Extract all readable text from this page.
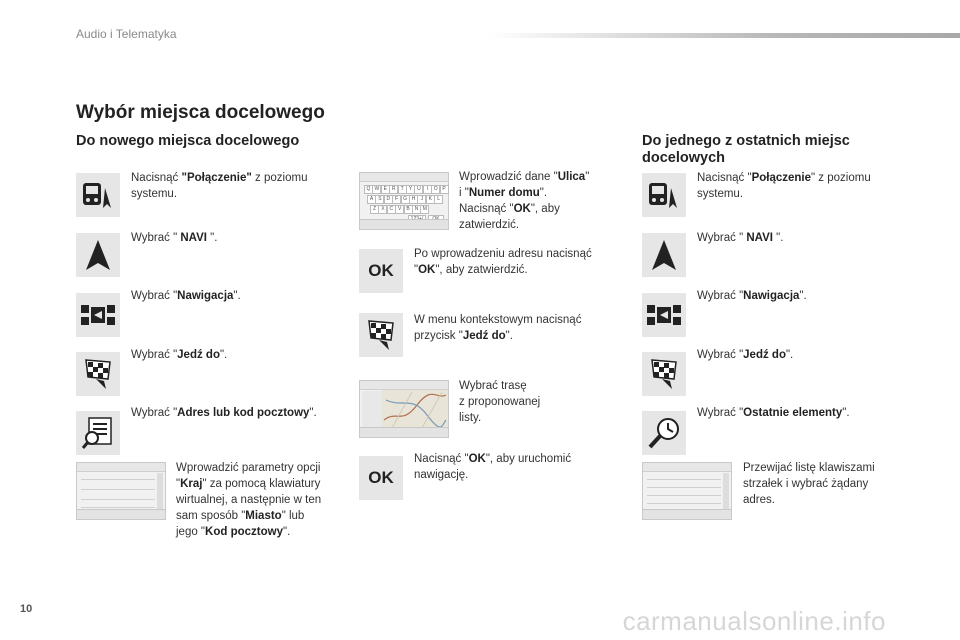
Audio i Telematyka
Wybór miejsca docelowego
Do nowego miejsca docelowego	Do jednego z ostatnich miejsc
docelowych
Nacisnąć "Połączenie" z poziomu systemu.
Wybrać " NAVI ".
Wybrać "Nawigacja".
Wybrać "Jedź do".
Wybrać "Adres lub kod pocztowy".
Wprowadzić parametry opcji
"Kraj" za pomocą klawiatury
wirtualnej, a następnie w ten
sam sposób "Miasto" lub
jego "Kod pocztowy".
Q W E R	T	Y U	I	O P
A	S D	F G H	J	K	L
Z	X C V	B N M
Wprowadzić dane "Ulica"
i "Numer domu".
Nacisnąć "OK", aby
zatwierdzić.
OK
Po wprowadzeniu adresu nacisnąć
"OK", aby zatwierdzić.
W menu kontekstowym nacisnąć
przycisk "Jedź do".
Wybrać trasę
z proponowanej
listy.
OK
Nacisnąć "OK", aby uruchomić
nawigację.
Nacisnąć "Połączenie" z poziomu systemu.
Wybrać " NAVI ".
Wybrać "Nawigacja".
Wybrać "Jedź do".
Wybrać "Ostatnie elementy".
Przewijać listę klawiszami
strzałek i wybrać żądany
adres.
10	carmanualsonline.info
